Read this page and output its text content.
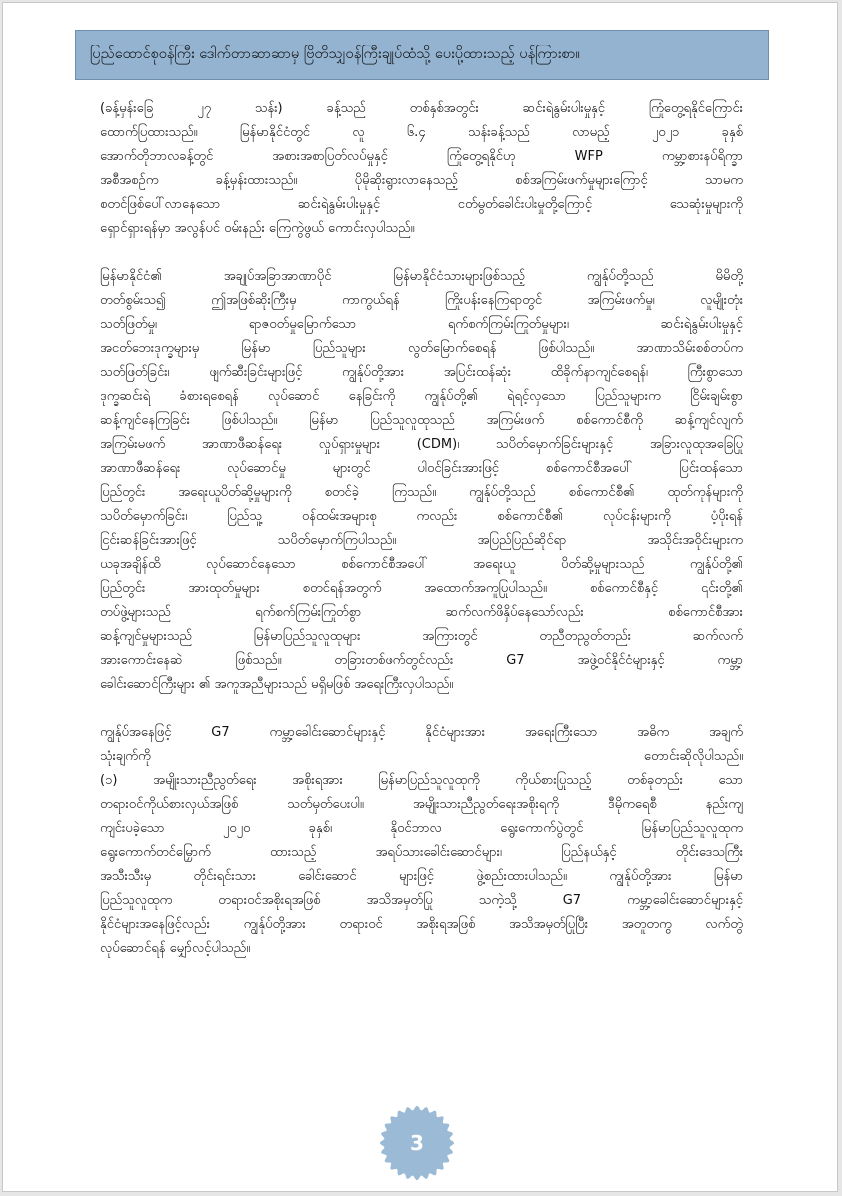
ပြည်ထောင်စုဝန်ကြီး ဒေါက်တာဆာဆာမှ ဗြိတိသျှဝန်ကြီးချုပ်ထံသို့ ပေးပို့ထားသည့် ပန်ကြားစာ။

(ခန့်မှန်းခြေ ၂၇ သန်း) ခန့်သည် တစ်နှစ်အတွင်း ဆင်းရဲနွမ်းပါးမှုနှင့် ကြုံတွေ့ရနိုင်ကြောင်း

ထောက်ပြထားသည်။ မြန်မာနိုင်ငံတွင် လူ ၆.၄ သန်းခန့်သည် လာမည့် ၂၀၂၁ ခုနှစ်

အောက်တိုဘာလခန့်တွင် အစားအစာပြတ်လပ်မှုနှင့် ကြုံတွေ့ရနိုင်ဟု WFP ကမ္ဘာ့စားနပ်ရိက္ခာ

အစီအစဉ်က ခန့်မှန်းထားသည်။ ပိုမိုဆိုးရွားလာနေသည့် စစ်အကြမ်းဖက်မှုများကြောင့် သာမက

စတင်ဖြစ်ပေါ်လာနေသော ဆင်းရဲနွမ်းပါးမှုနှင့် ငတ်မွတ်ခေါင်းပါးမှုတို့ကြောင့် သေဆုံးမှုများကို

ရှောင်ရှားရန်မှာ အလွန်ပင် ဝမ်းနည်း ကြေကွဲဖွယ် ကောင်းလှပါသည်။

မြန်မာနိုင်ငံ၏ အချုပ်အခြာအာဏာပိုင် မြန်မာနိုင်ငံသားများဖြစ်သည့် ကျွန်ုပ်တို့သည် မိမိတို့

တတ်စွမ်းသ၍ ဤအဖြစ်ဆိုးကြီးမှ ကာကွယ်ရန် ကြိုးပန်းနေကြရာတွင် အကြမ်းဖက်မှု၊ လူမျိုးတုံး

သတ်ဖြတ်မှု၊ ရာဇဝတ်မှုမြောက်သော ရက်စက်ကြမ်းကြုတ်မှုများ၊ ဆင်းရဲနွမ်းပါးမှုနှင့်

အငတ်ဘေးဒုက္ခများမှ မြန်မာ ပြည်သူများ လွတ်မြောက်စေရန် ဖြစ်ပါသည်။ အာဏာသိမ်းစစ်တပ်က

သတ်ဖြတ်ခြင်း၊ ဖျက်ဆီးခြင်းများဖြင့် ကျွန်ုပ်တို့အား အပြင်းထန်ဆုံး ထိခိုက်နာကျင်စေရန်၊ ကြီးစွာသော

ဒုက္ခဆင်းရဲ ခံစားရစေရန် လုပ်ဆောင် နေခြင်းကို ကျွန်ုပ်တို့၏ ရဲရင့်လှသော ပြည်သူများက ငြိမ်းချမ်းစွာ

ဆန့်ကျင်နေကြခြင်း ဖြစ်ပါသည်။ မြန်မာ ပြည်သူလူထုသည် အကြမ်းဖက် စစ်ကောင်စီကို ဆန့်ကျင်လျက်

အကြမ်းမဖက် အာဏာဖီဆန်ရေး လှုပ်ရှားမှုများ (CDM)၊ သပိတ်မှောက်ခြင်းများနှင့် အခြားလူထုအခြေပြု

အာဏာဖီဆန်ရေး လုပ်ဆောင်မှု များတွင် ပါဝင်ခြင်းအားဖြင့် စစ်ကောင်စီအပေါ် ပြင်းထန်သော

ပြည်တွင်း အရေးယူပိတ်ဆို့မှုများကို စတင်ခဲ့ ကြသည်။ ကျွန်ုပ်တို့သည် စစ်ကောင်စီ၏ ထုတ်ကုန်များကို

သပိတ်မှောက်ခြင်း၊ ပြည်သူ့ ဝန်ထမ်းအများစု ကလည်း စစ်ကောင်စီ၏ လုပ်ငန်းများကို ပံ့ပိုးရန်

ငြင်းဆန်ခြင်းအားဖြင့် သပိတ်မှောက်ကြပါသည်။ အပြည်ပြည်ဆိုင်ရာ အသိုင်းအဝိုင်းများက

ယခုအချိန်ထိ လုပ်ဆောင်နေသော စစ်ကောင်စီအပေါ် အရေးယူ ပိတ်ဆို့မှုများသည် ကျွန်ုပ်တို့၏

ပြည်တွင်း အားထုတ်မှုများ စတင်ရန်အတွက် အထောက်အကူပြုပါသည်။ စစ်ကောင်စီနှင့် ၎င်းတို့၏

တပ်ဖွဲ့များသည် ရက်စက်ကြမ်းကြုတ်စွာ ဆက်လက်ဖိနှိပ်နေသော်လည်း စစ်ကောင်စီအား

ဆန့်ကျင်မှုများသည် မြန်မာပြည်သူလူထုများ အကြားတွင် တညီတညွတ်တည်း ဆက်လက်

အားကောင်းနေဆဲ ဖြစ်သည်။ တခြားတစ်ဖက်တွင်လည်း G7 အဖွဲ့ဝင်နိုင်ငံများနှင့် ကမ္ဘာ့

ခေါင်းဆောင်ကြီးများ ၏ အကူအညီများသည် မရှိမဖြစ် အရေးကြီးလှပါသည်။

ကျွန်ုပ်အနေဖြင့် G7 ကမ္ဘာ့ခေါင်းဆောင်များနှင့် နိုင်ငံများအား အရေးကြီးသော အဓိက အချက်

သုံးချက်ကို တောင်းဆိုလိုပါသည်။

(၁) အမျိုးသားညီညွတ်ရေး အစိုးရအား မြန်မာပြည်သူလူထုကို ကိုယ်စားပြုသည့် တစ်ခုတည်း သော

တရားဝင်ကိုယ်စားလှယ်အဖြစ် သတ်မှတ်ပေးပါ။ အမျိုးသားညီညွတ်ရေးအစိုးရကို ဒီမိုကရေစီ နည်းကျ

ကျင်းပခဲ့သော ၂၀၂၀ ခုနှစ်၊ နိုဝင်ဘာလ ရွေးကောက်ပွဲတွင် မြန်မာပြည်သူလူထုက

ရွေးကောက်တင်မြှောက် ထားသည့် အရပ်သားခေါင်းဆောင်များ၊ ပြည်နယ်နှင့် တိုင်းဒေသကြီး

အသီးသီးမှ တိုင်းရင်းသား ခေါင်းဆောင် များဖြင့် ဖွဲ့စည်းထားပါသည်။ ကျွန်ုပ်တို့အား မြန်မာ

ပြည်သူလူထုက တရားဝင်အစိုးရအဖြစ် အသိအမှတ်ပြု သကဲ့သို့ G7 ကမ္ဘာ့ခေါင်းဆောင်များနှင့်

နိုင်ငံများအနေဖြင့်လည်း ကျွန်ုပ်တို့အား တရားဝင် အစိုးရအဖြစ် အသိအမှတ်ပြုပြီး အတူတကွ လက်တွဲ

လုပ်ဆောင်ရန် မျှော်လင့်ပါသည်။

3
